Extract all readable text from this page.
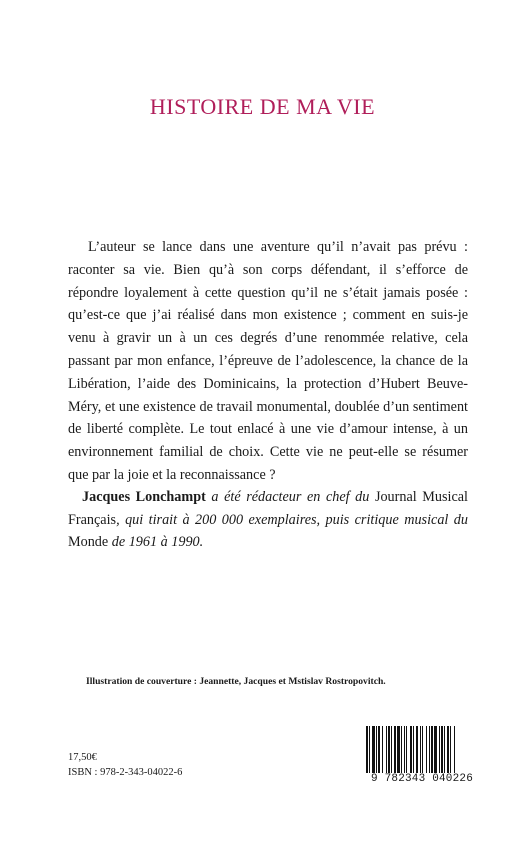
HISTOIRE DE MA VIE

L’auteur se lance dans une aventure qu’il n’avait pas prévu : raconter sa vie. Bien qu’à son corps défendant, il s’efforce de répondre loyalement à cette question qu’il ne s’était jamais posée : qu’est-ce que j’ai réalisé dans mon existence ; comment en suis-je venu à gravir un à un ces degrés d’une renommée relative, cela passant par mon enfance, l’épreuve de l’adolescence, la chance de la Libération, l’aide des Dominicains, la protection d’Hubert Beuve-Méry, et une existence de travail monumental, doublée d’un sentiment de liberté complète. Le tout enlacé à une vie d’amour intense, à un environnement familial de choix. Cette vie ne peut-elle se résumer que par la joie et la reconnaissance ?

Jacques Lonchampt a été rédacteur en chef du Journal Musical Français, qui tirait à 200 000 exemplaires, puis critique musical du Monde de 1961 à 1990.

Illustration de couverture : Jeannette, Jacques et Mstislav Rostropovitch.
17,50€
ISBN : 978-2-343-04022-6
9 782343 040226
